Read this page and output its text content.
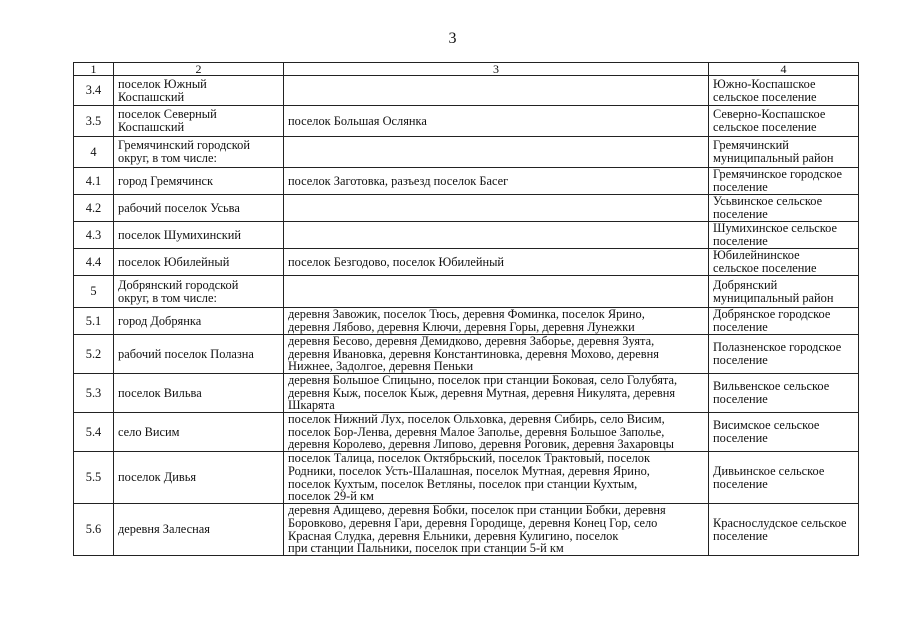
3
1	2	3	4
3.4	поселок Южный
Коспашский		Южно-Коспашское
сельское поселение

3.5	поселок Северный
Коспашский	поселок Большая Ослянка	Северно-Коспашское
сельское поселение

4	Гремячинский городской
округ, в том числе:		Гремячинский
муниципальный район

4.1	город Гремячинск	поселок Заготовка, разъезд поселок Басег	Гремячинское городское
поселение

4.2	рабочий поселок Усьва		Усьвинское сельское
поселение

4.3	поселок Шумихинский		Шумихинское сельское
поселение

4.4	поселок Юбилейный	поселок Безгодово, поселок Юбилейный	Юбилейнинское
сельское поселение

5	Добрянский городской
округ, в том числе:		Добрянский
муниципальный район

5.1	город Добрянка	деревня Завожик, поселок Тюсь, деревня Фоминка, поселок Ярино,
деревня Лябово, деревня Ключи, деревня Горы, деревня Лунежки	Добрянское городское
поселение

5.2	рабочий поселок Полазна	деревня Бесово, деревня Демидково, деревня Заборье, деревня Зуята,
деревня Ивановка, деревня Константиновка, деревня Мохово, деревня
Нижнее, Задолгое, деревня Пеньки	Полазненское городское
поселение

5.3	поселок Вильва	деревня Большое Спицыно, поселок при станции Боковая, село Голубята,
деревня Кыж, поселок Кыж, деревня Мутная, деревня Никулята, деревня
Шкарята	Вильвенское сельское
поселение

5.4	село Висим	поселок Нижний Лух, поселок Ольховка, деревня Сибирь, село Висим,
поселок Бор-Ленва, деревня Малое Заполье, деревня Большое Заполье,
деревня Королево, деревня Липово, деревня Роговик, деревня Захаровцы	Висимское сельское
поселение

5.5	поселок Дивья	поселок Талица, поселок Октябрьский, поселок Трактовый, поселок
Родники, поселок Усть-Шалашная, поселок Мутная, деревня Ярино,
поселок Кухтым, поселок Ветляны, поселок при станции Кухтым,
поселок 29-й км	Дивьинское сельское
поселение

5.6	деревня Залесная	деревня Адищево, деревня Бобки, поселок при станции Бобки, деревня
Боровково, деревня Гари, деревня Городище, деревня Конец Гор, село
Красная Слудка, деревня Ельники, деревня Кулигино, поселок
при станции Пальники, поселок при станции 5-й км	Краснослудское сельское
поселение
